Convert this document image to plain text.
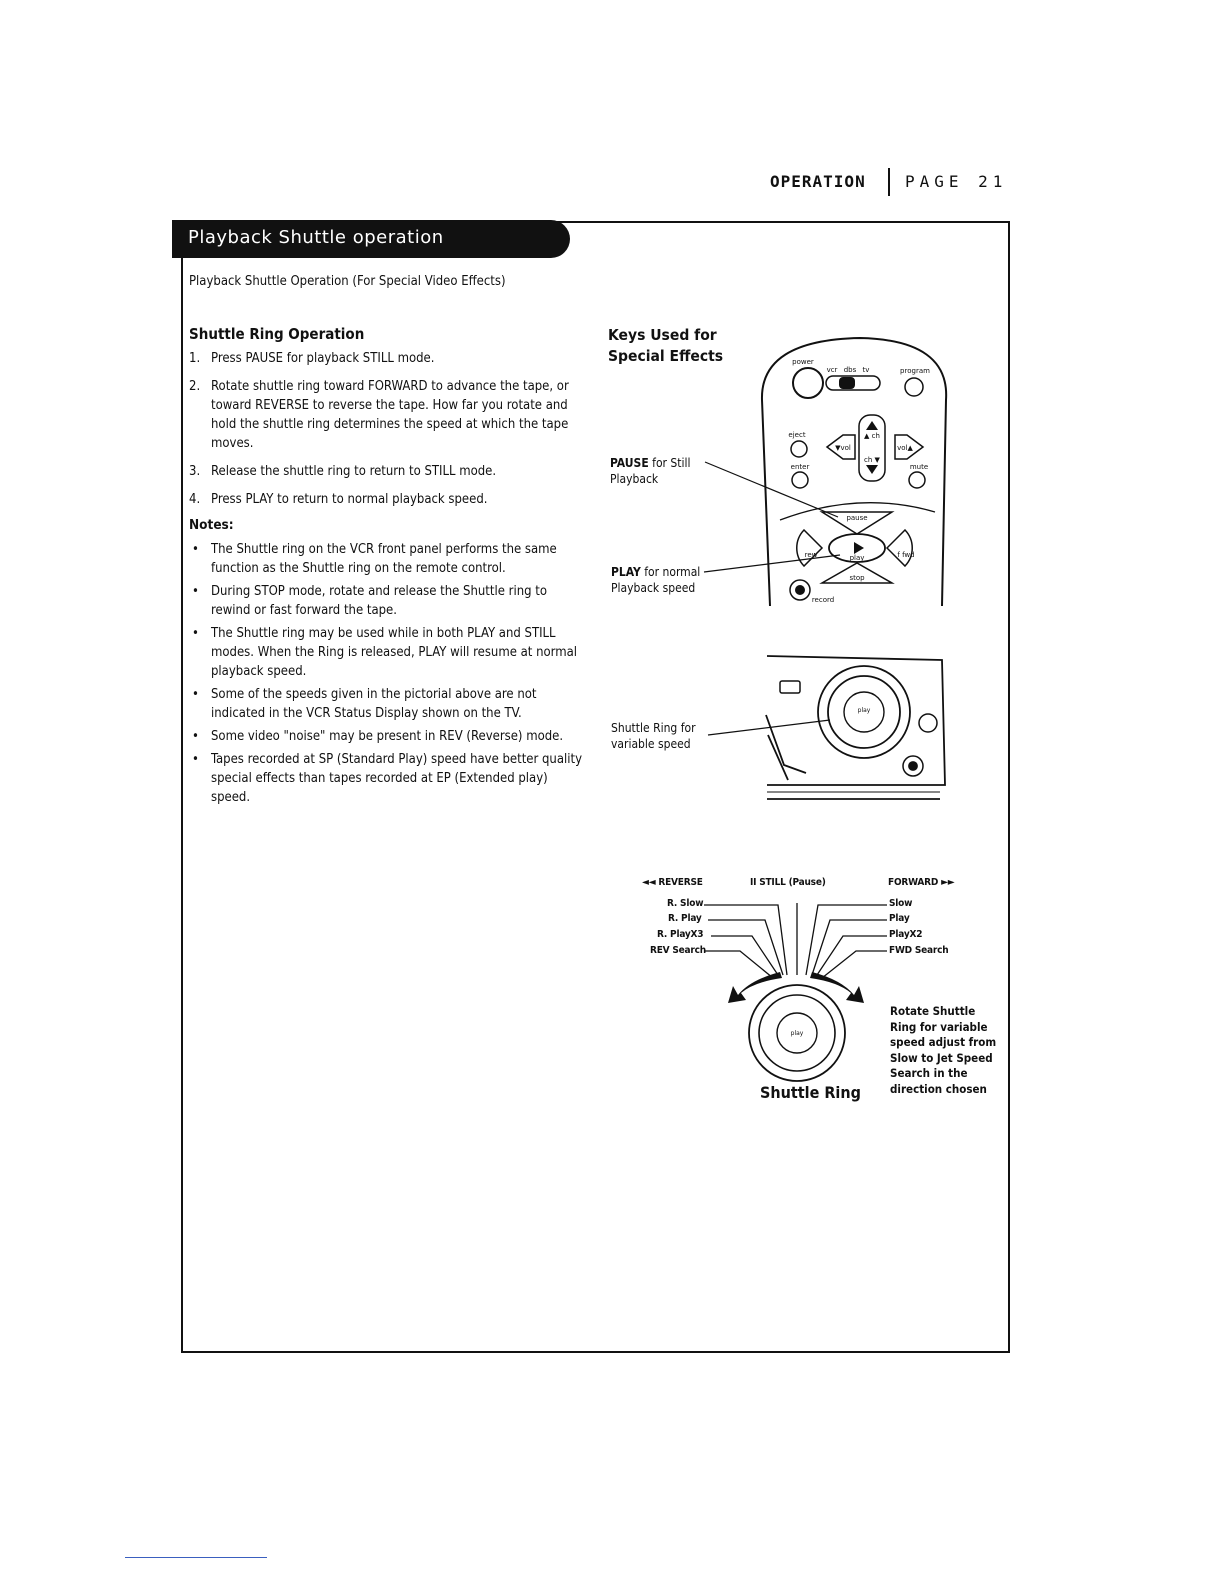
OPERATION PAGE 21
Playback Shuttle operation
Playback Shuttle Operation (For Special Video Effects)
Shuttle Ring Operation
1. Press PAUSE for playback STILL mode.
2. Rotate shuttle ring toward FORWARD to advance the tape, or toward REVERSE to reverse the tape. How far you rotate and hold the shuttle ring determines the speed at which the tape moves.
3. Release the shuttle ring to return to STILL mode.
4. Press PLAY to return to normal playback speed.
Notes:
• The Shuttle ring on the VCR front panel performs the same function as the Shuttle ring on the remote control.
• During STOP mode, rotate and release the Shuttle ring to rewind or fast forward the tape.
• The Shuttle ring may be used while in both PLAY and STILL modes. When the Ring is released, PLAY will resume at normal playback speed.
• Some of the speeds given in the pictorial above are not indicated in the VCR Status Display shown on the TV.
• Some video "noise" may be present in REV (Reverse) mode.
• Tapes recorded at SP (Standard Play) speed have better quality special effects than tapes recorded at EP (Extended play) speed.
Keys Used for
Special Effects
PAUSE for Still
Playback
PLAY for normal
Playback speed
Shuttle Ring for
variable speed
power
vcr dbs tv	program
eject
▼vol	vol▲
▲ ch
ch ▼
enter	mute
pause
rew	play	f fwd
stop
record
play
◄◄ REVERSE	II STILL (Pause)	FORWARD ►►
R. Slow
R. Play
R. PlayX3
REV Search
Slow
Play
PlayX2
FWD Search
play
Shuttle Ring
Rotate Shuttle
Ring for variable
speed adjust from
Slow to Jet Speed
Search in the
direction chosen
